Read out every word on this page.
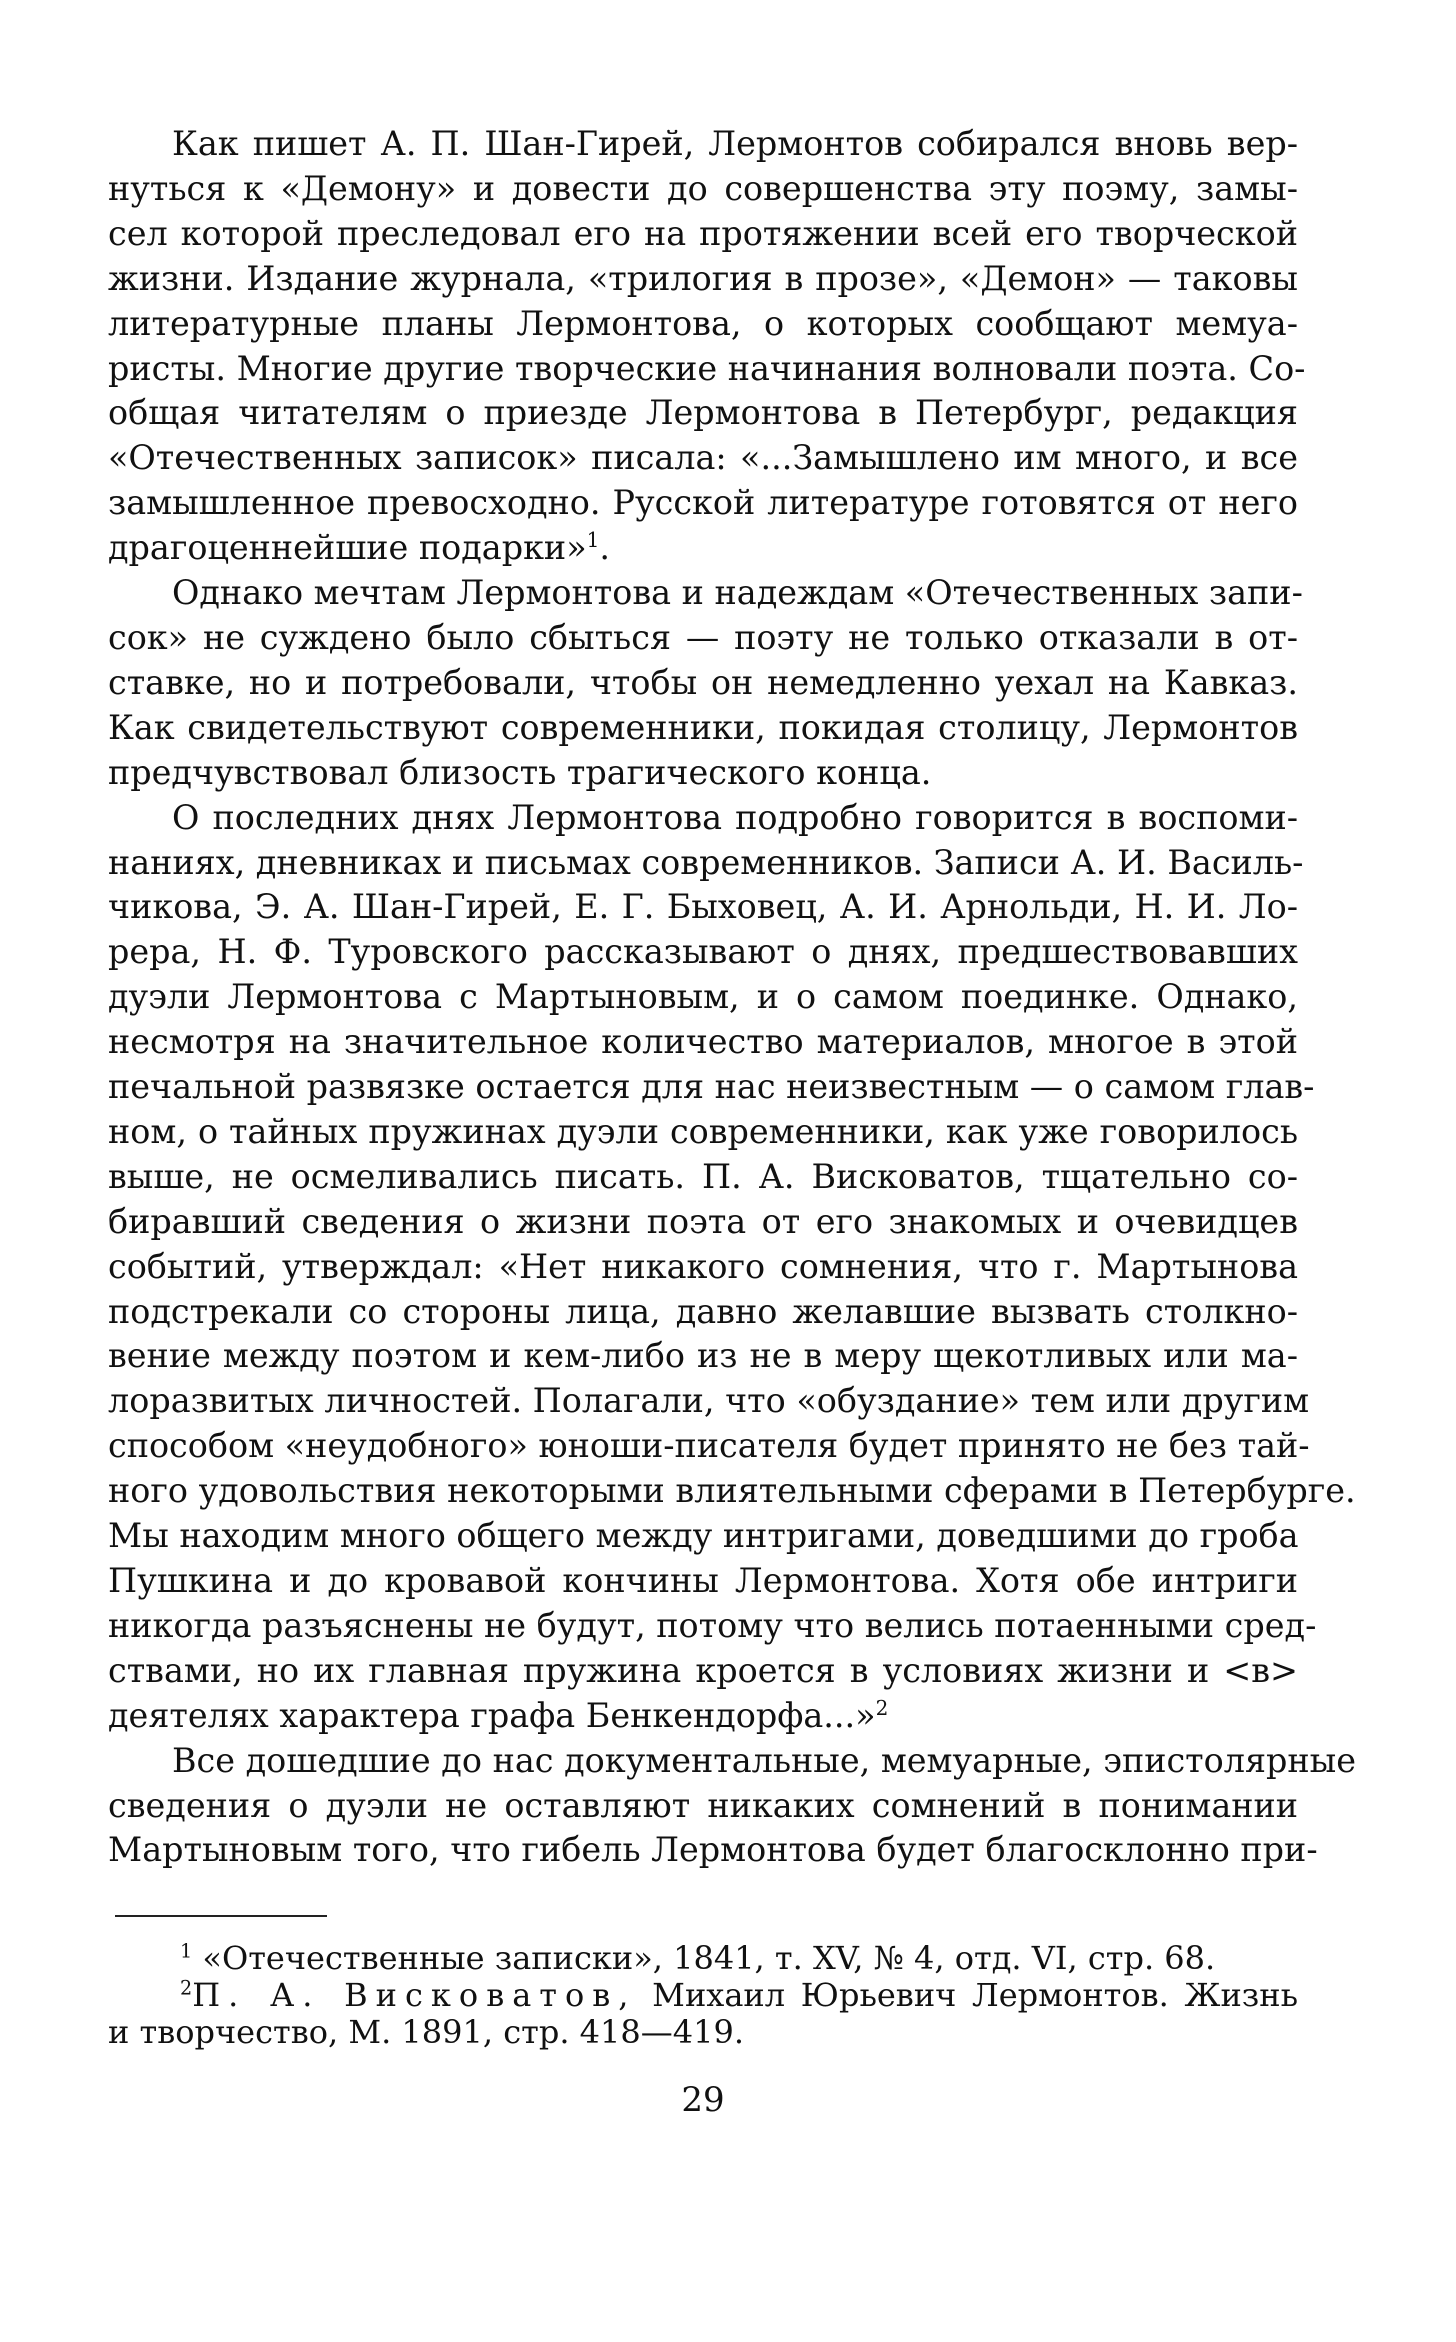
Как пишет А. П. Шан-Гирей, Лермонтов собирался вновь вер-
нуться к «Демону» и довести до совершенства эту поэму, замы-
сел которой преследовал его на протяжении всей его творческой
жизни. Издание журнала, «трилогия в прозе», «Демон» — таковы
литературные планы Лермонтова, о которых сообщают мемуа-
ристы. Многие другие творческие начинания волновали поэта. Со-
общая читателям о приезде Лермонтова в Петербург, редакция
«Отечественных записок» писала: «...Замышлено им много, и все
замышленное превосходно. Русской литературе готовятся от него
драгоценнейшие подарки»$^1$.

Однако мечтам Лермонтова и надеждам «Отечественных запи-
сок» не суждено было сбыться — поэту не только отказали в от-
ставке, но и потребовали, чтобы он немедленно уехал на Кавказ.
Как свидетельствуют современники, покидая столицу, Лермонтов
предчувствовал близость трагического конца.

О последних днях Лермонтова подробно говорится в воспоми-
наниях, дневниках и письмах современников. Записи А. И. Василь-
чикова, Э. А. Шан-Гирей, Е. Г. Быховец, А. И. Арнольди, Н. И. Ло-
рера, Н. Ф. Туровского рассказывают о днях, предшествовавших
дуэли Лермонтова с Мартыновым, и о самом поединке. Однако,
несмотря на значительное количество материалов, многое в этой
печальной развязке остается для нас неизвестным — о самом глав-
ном, о тайных пружинах дуэли современники, как уже говорилось
выше, не осмеливались писать. П. А. Висковатов, тщательно со-
биравший сведения о жизни поэта от его знакомых и очевидцев
событий, утверждал: «Нет никакого сомнения, что г. Мартынова
подстрекали со стороны лица, давно желавшие вызвать столкно-
вение между поэтом и кем-либо из не в меру щекотливых или ма-
лоразвитых личностей. Полагали, что «обуздание» тем или другим
способом «неудобного» юноши-писателя будет принято не без тай-
ного удовольствия некоторыми влиятельными сферами в Петербурге.
Мы находим много общего между интригами, доведшими до гроба
Пушкина и до кровавой кончины Лермонтова. Хотя обе интриги
никогда разъяснены не будут, потому что велись потаенными сред-
ствами, но их главная пружина кроется в условиях жизни и <в>
деятелях характера графа Бенкендорфа...»$^2$

Все дошедшие до нас документальные, мемуарные, эпистолярные
сведения о дуэли не оставляют никаких сомнений в понимании
Мартыновым того, что гибель Лермонтова будет благосклонно при-

$^1$ «Отечественные записки», 1841, т. XV, № 4, отд. VI, стр. 68.
$^2$П. А. Висковатов, Михаил Юрьевич Лермонтов. Жизнь
и творчество, М. 1891, стр. 418—419.
29
